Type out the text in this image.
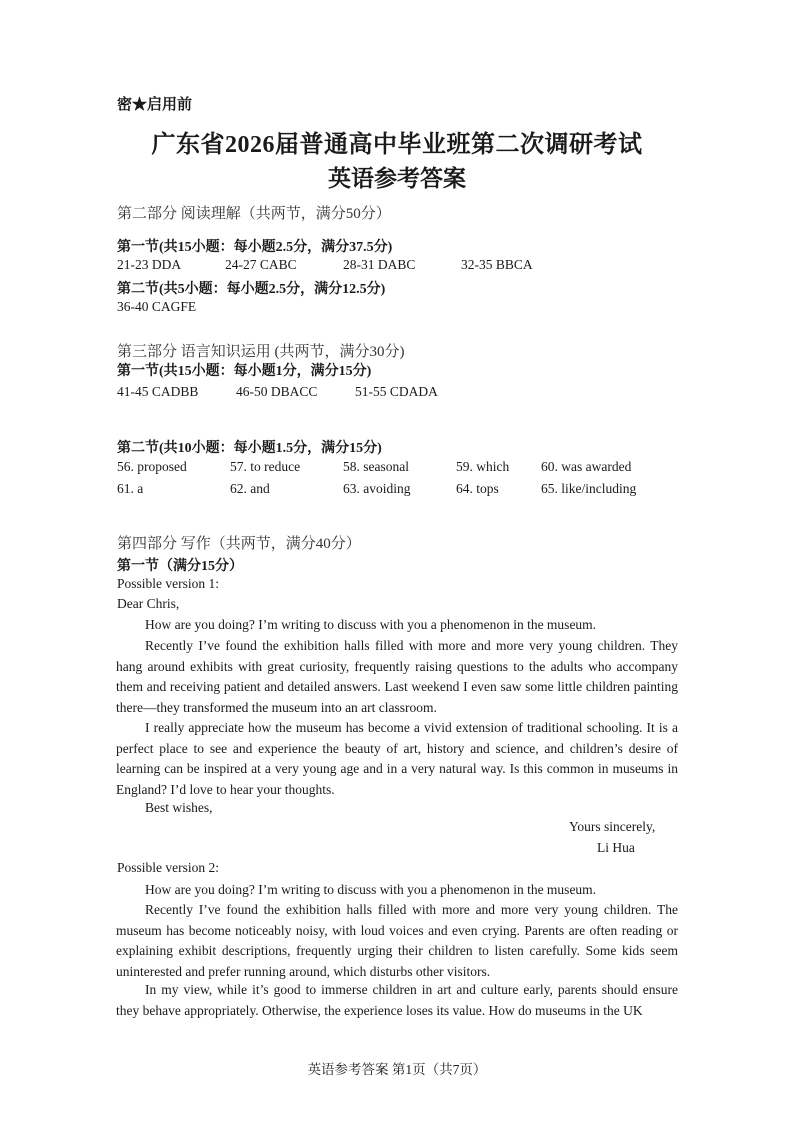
密★启用前
广东省2026届普通高中毕业班第二次调研考试
英语参考答案
第二部分 阅读理解（共两节，满分50分）
第一节(共15小题：每小题2.5分，满分37.5分)
21-23 DDA	24-27 CABC	28-31 DABC	32-35 BBCA
第二节(共5小题：每小题2.5分，满分12.5分)
36-40 CAGFE
第三部分 语言知识运用 (共两节，满分30分)
第一节(共15小题：每小题1分，满分15分)
41-45 CADBB	46-50 DBACC	51-55 CDADA
第二节(共10小题：每小题1.5分，满分15分)
56. proposed	57. to reduce	58. seasonal	59. which 60. was awarded
61. a	62. and	63. avoiding	64. tops	65. like/including
第四部分 写作（共两节，满分40分）
第一节（满分15分）
Possible version 1:
Dear Chris,
How are you doing? I’m writing to discuss with you a phenomenon in the museum.
Recently I’ve found the exhibition halls filled with more and more very young children. They hang around exhibits with great curiosity, frequently raising questions to the adults who accompany them and receiving patient and detailed answers. Last weekend I even saw some little children painting there—they transformed the museum into an art classroom.
I really appreciate how the museum has become a vivid extension of traditional schooling. It is a perfect place to see and experience the beauty of art, history and science, and children’s desire of learning can be inspired at a very young age and in a very natural way. Is this common in museums in England? I’d love to hear your thoughts.
Best wishes,
Yours sincerely,
Li Hua
Possible version 2:
How are you doing? I’m writing to discuss with you a phenomenon in the museum.
Recently I’ve found the exhibition halls filled with more and more very young children. The museum has become noticeably noisy, with loud voices and even crying. Parents are often reading or explaining exhibit descriptions, frequently urging their children to listen carefully. Some kids seem uninterested and prefer running around, which disturbs other visitors.
In my view, while it’s good to immerse children in art and culture early, parents should ensure they behave appropriately. Otherwise, the experience loses its value. How do museums in the UK
英语参考答案 第1页（共7页）
